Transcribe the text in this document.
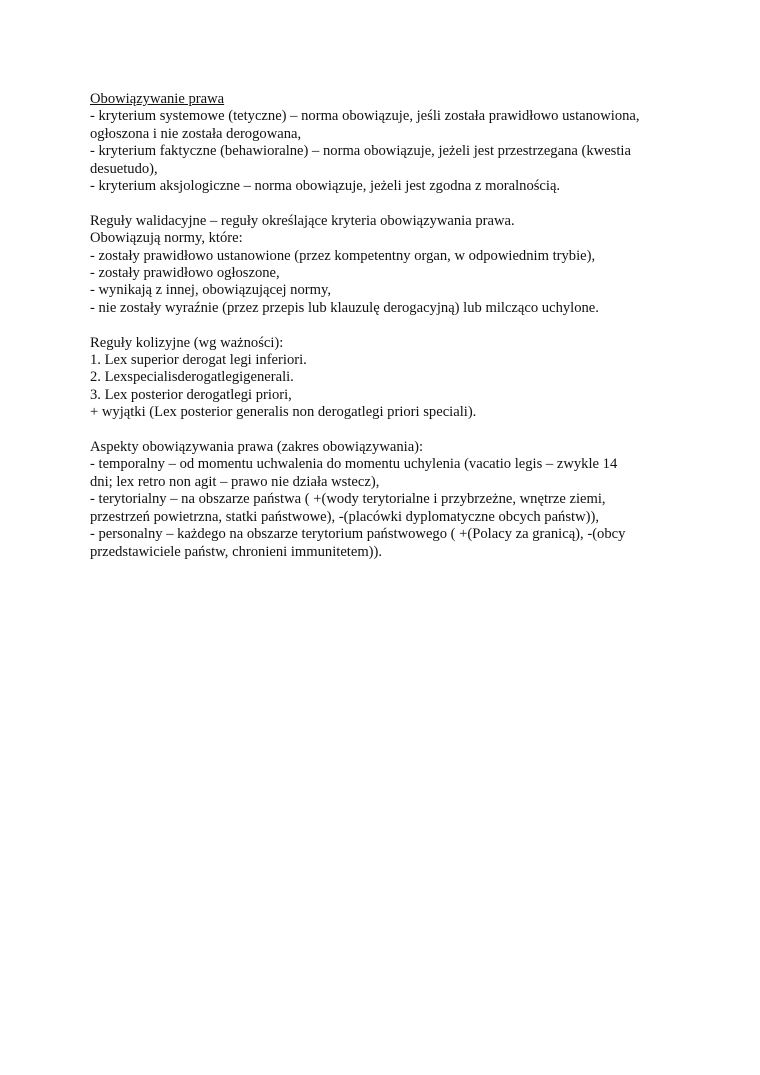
Obowiązywanie prawa
- kryterium systemowe (tetyczne) – norma obowiązuje, jeśli została prawidłowo ustanowiona,
ogłoszona i nie została derogowana,
- kryterium faktyczne (behawioralne) – norma obowiązuje, jeżeli jest przestrzegana (kwestia
desuetudo),
- kryterium aksjologiczne – norma obowiązuje, jeżeli jest zgodna z moralnością.
Reguły walidacyjne – reguły określające kryteria obowiązywania prawa.
Obowiązują normy, które:
- zostały prawidłowo ustanowione (przez kompetentny organ, w odpowiednim trybie),
- zostały prawidłowo ogłoszone,
- wynikają z innej, obowiązującej normy,
- nie zostały wyraźnie (przez przepis lub klauzulę derogacyjną) lub milcząco uchylone.
Reguły kolizyjne (wg ważności):
1. Lex superior derogat legi inferiori.
2. Lexspecialisderogatlegigenerali.
3. Lex posterior derogatlegi priori,
+ wyjątki (Lex posterior generalis non derogatlegi priori speciali).
Aspekty obowiązywania prawa (zakres obowiązywania):
- temporalny – od momentu uchwalenia do momentu uchylenia (vacatio legis – zwykle 14
dni; lex retro non agit – prawo nie działa wstecz),
- terytorialny – na obszarze państwa ( +(wody terytorialne i przybrzeżne, wnętrze ziemi,
przestrzeń powietrzna, statki państwowe), -(placówki dyplomatyczne obcych państw)),
- personalny – każdego na obszarze terytorium państwowego ( +(Polacy za granicą), -(obcy
przedstawiciele państw, chronieni immunitetem)).
